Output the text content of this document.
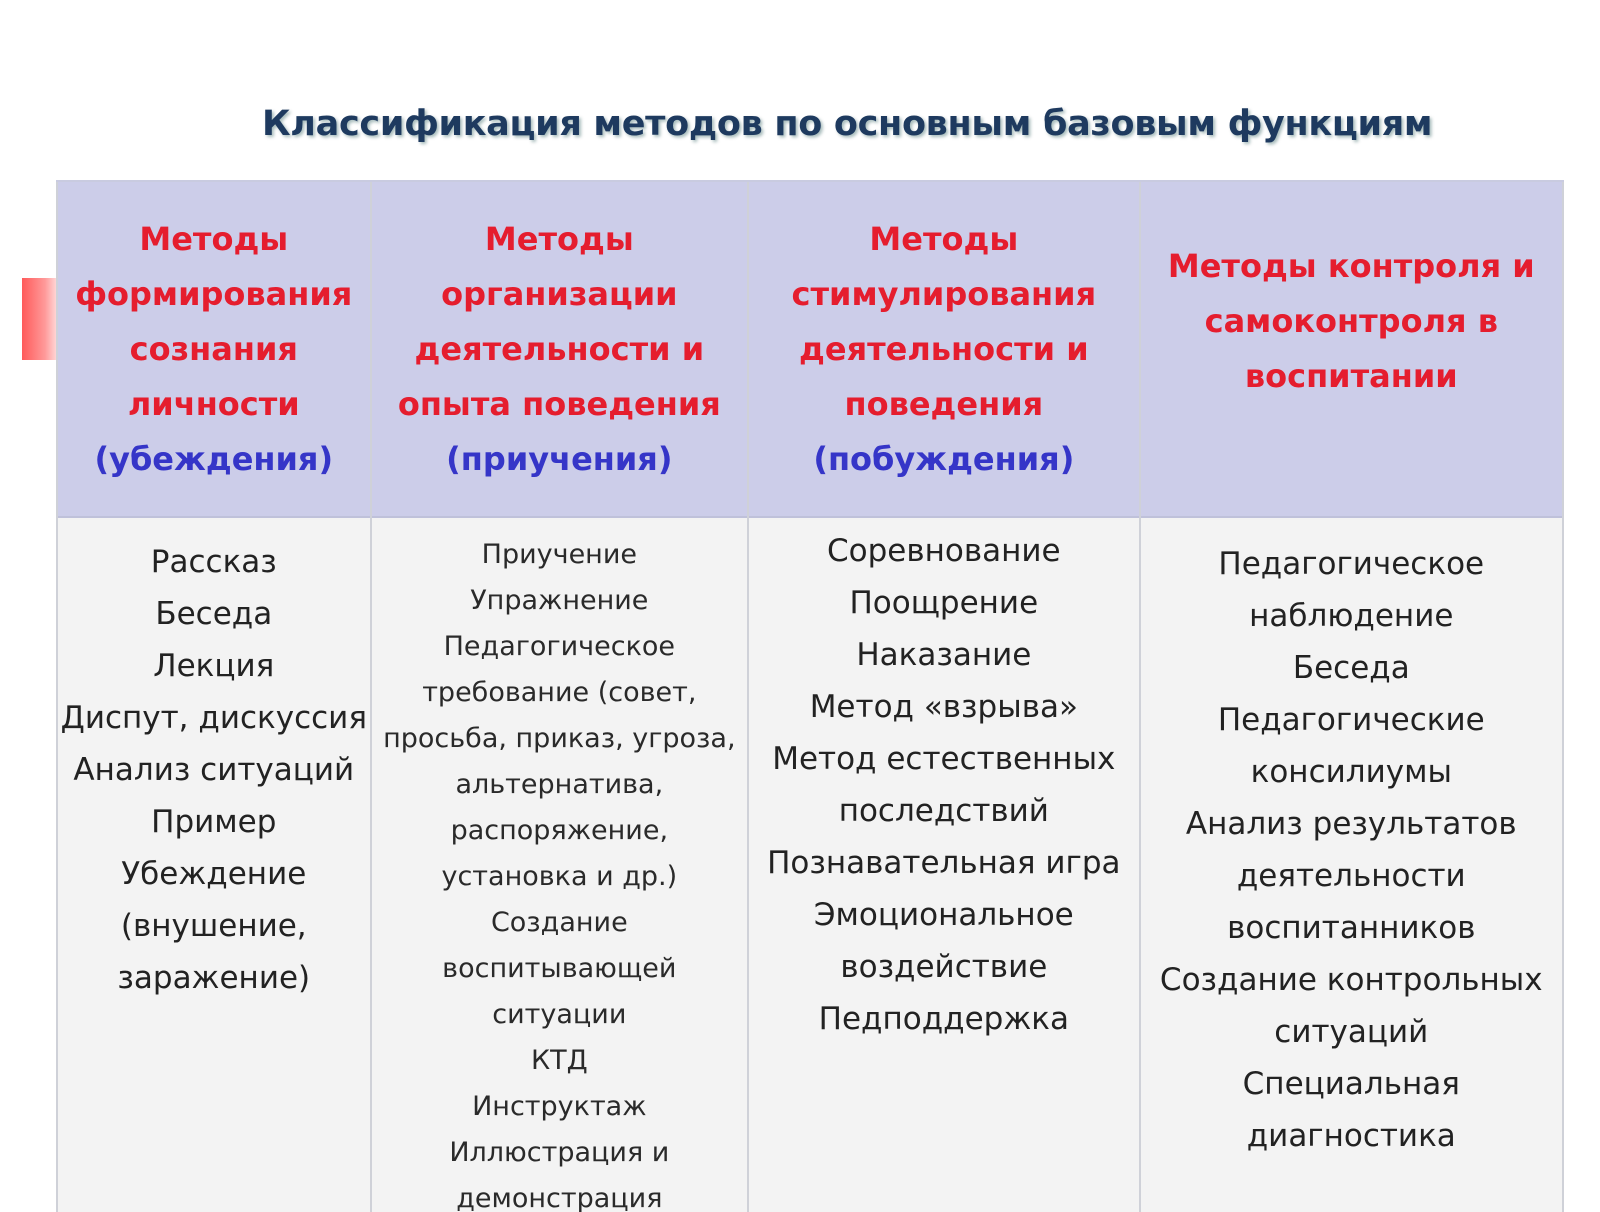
Классификация методов по основным базовым функциям
Методы
формирования
сознания
личности
(убеждения)
Рассказ
Беседа
Лекция
Диспут, дискуссия
Анализ ситуаций
Пример
Убеждение
(внушение,
заражение)
Методы
организации
деятельности и
опыта поведения
(приучения)
Приучение
Упражнение
Педагогическое
требование (совет,
просьба, приказ, угроза,
альтернатива,
распоряжение,
установка и др.)
Создание
воспитывающей
ситуации
КТД
Инструктаж
Иллюстрация и
демонстрация
Методы
стимулирования
деятельности и
поведения
(побуждения)
Соревнование
Поощрение
Наказание
Метод «взрыва»
Метод естественных
последствий
Познавательная игра
Эмоциональное
воздействие
Педподдержка
Методы контроля и
самоконтроля в
воспитании
Педагогическое
наблюдение
Беседа
Педагогические
консилиумы
Анализ результатов
деятельности
воспитанников
Создание контрольных
ситуаций
Специальная
диагностика
